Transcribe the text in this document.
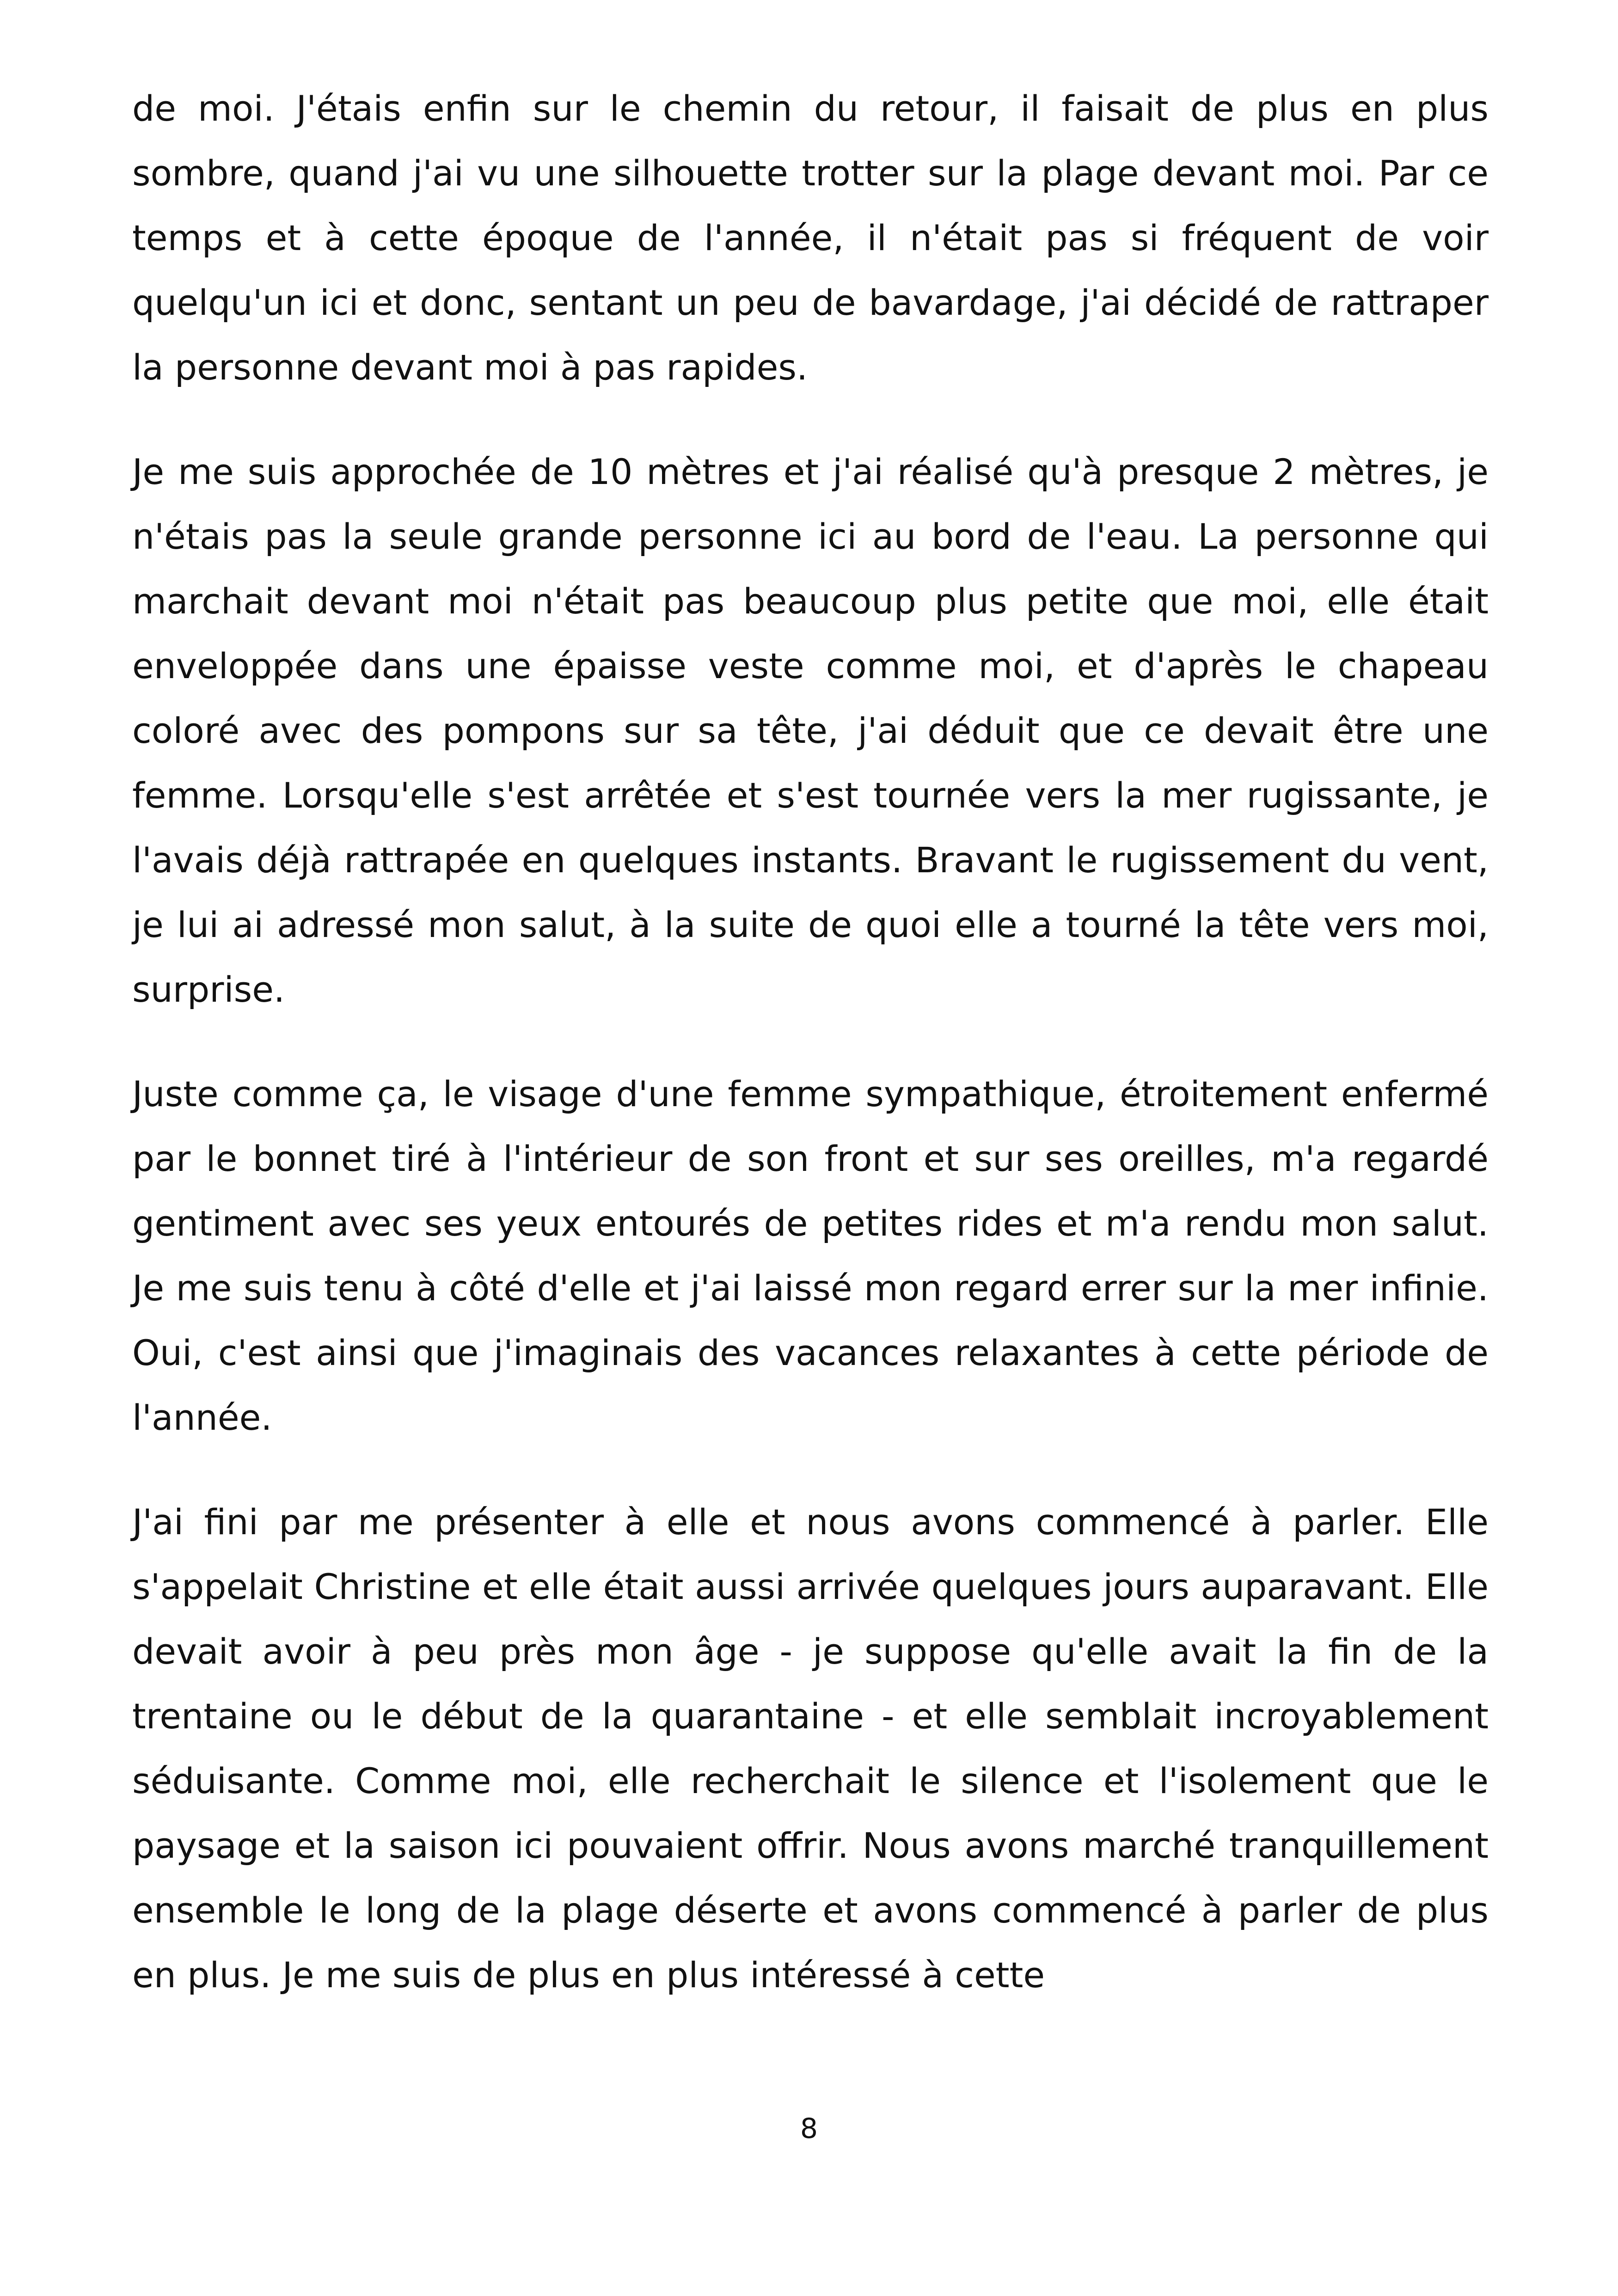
de moi. J'étais enfin sur le chemin du retour, il faisait de plus en plus sombre, quand j'ai vu une silhouette trotter sur la plage devant moi. Par ce temps et à cette époque de l'année, il n'était pas si fréquent de voir quelqu'un ici et donc, sentant un peu de bavardage, j'ai décidé de rattraper la personne devant moi à pas rapides.

Je me suis approchée de 10 mètres et j'ai réalisé qu'à presque 2 mètres, je n'étais pas la seule grande personne ici au bord de l'eau. La personne qui marchait devant moi n'était pas beaucoup plus petite que moi, elle était enveloppée dans une épaisse veste comme moi, et d'après le chapeau coloré avec des pompons sur sa tête, j'ai déduit que ce devait être une femme. Lorsqu'elle s'est arrêtée et s'est tournée vers la mer rugissante, je l'avais déjà rattrapée en quelques instants. Bravant le rugissement du vent, je lui ai adressé mon salut, à la suite de quoi elle a tourné la tête vers moi, surprise.

Juste comme ça, le visage d'une femme sympathique, étroitement enfermé par le bonnet tiré à l'intérieur de son front et sur ses oreilles, m'a regardé gentiment avec ses yeux entourés de petites rides et m'a rendu mon salut. Je me suis tenu à côté d'elle et j'ai laissé mon regard errer sur la mer infinie. Oui, c'est ainsi que j'imaginais des vacances relaxantes à cette période de l'année.

J'ai fini par me présenter à elle et nous avons commencé à parler. Elle s'appelait Christine et elle était aussi arrivée quelques jours auparavant. Elle devait avoir à peu près mon âge - je suppose qu'elle avait la fin de la trentaine ou le début de la quarantaine - et elle semblait incroyablement séduisante. Comme moi, elle recherchait le silence et l'isolement que le paysage et la saison ici pouvaient offrir. Nous avons marché tranquillement ensemble le long de la plage déserte et avons commencé à parler de plus en plus. Je me suis de plus en plus intéressé à cette

8
